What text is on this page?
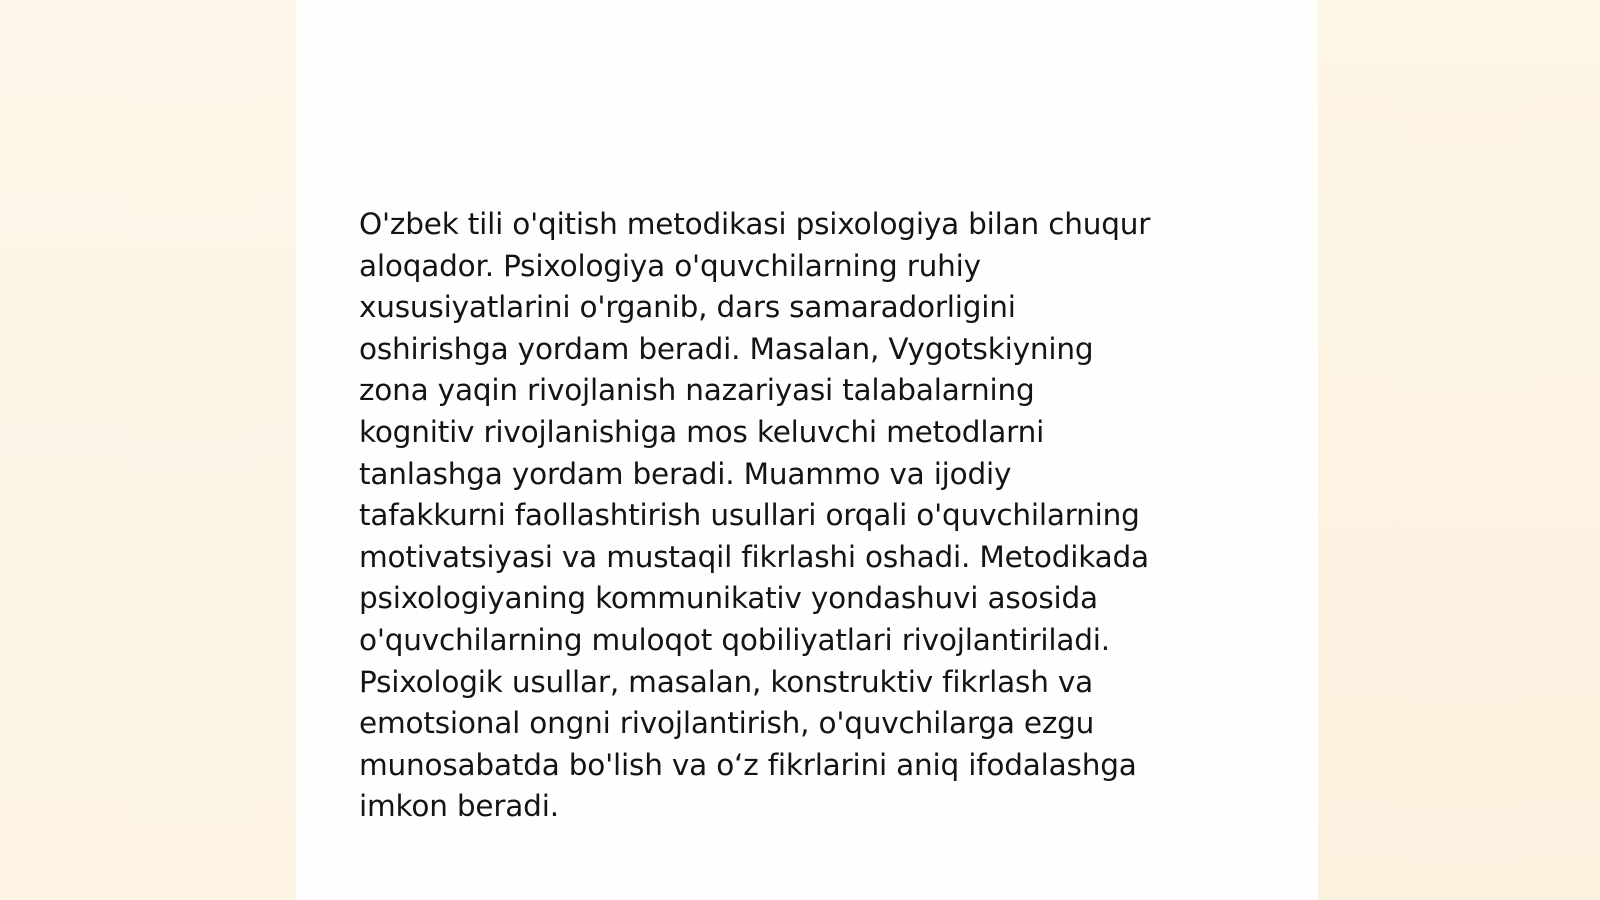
O'zbek tili o'qitish metodikasi psixologiya bilan chuqur
aloqador. Psixologiya o'quvchilarning ruhiy
xususiyatlarini o'rganib, dars samaradorligini
oshirishga yordam beradi. Masalan, Vygotskiyning
zona yaqin rivojlanish nazariyasi talabalarning
kognitiv rivojlanishiga mos keluvchi metodlarni
tanlashga yordam beradi. Muammo va ijodiy
tafakkurni faollashtirish usullari orqali o'quvchilarning
motivatsiyasi va mustaqil fikrlashi oshadi. Metodikada
psixologiyaning kommunikativ yondashuvi asosida
o'quvchilarning muloqot qobiliyatlari rivojlantiriladi.
Psixologik usullar, masalan, konstruktiv fikrlash va
emotsional ongni rivojlantirish, o'quvchilarga ezgu
munosabatda bo'lish va oʻz fikrlarini aniq ifodalashga
imkon beradi.
